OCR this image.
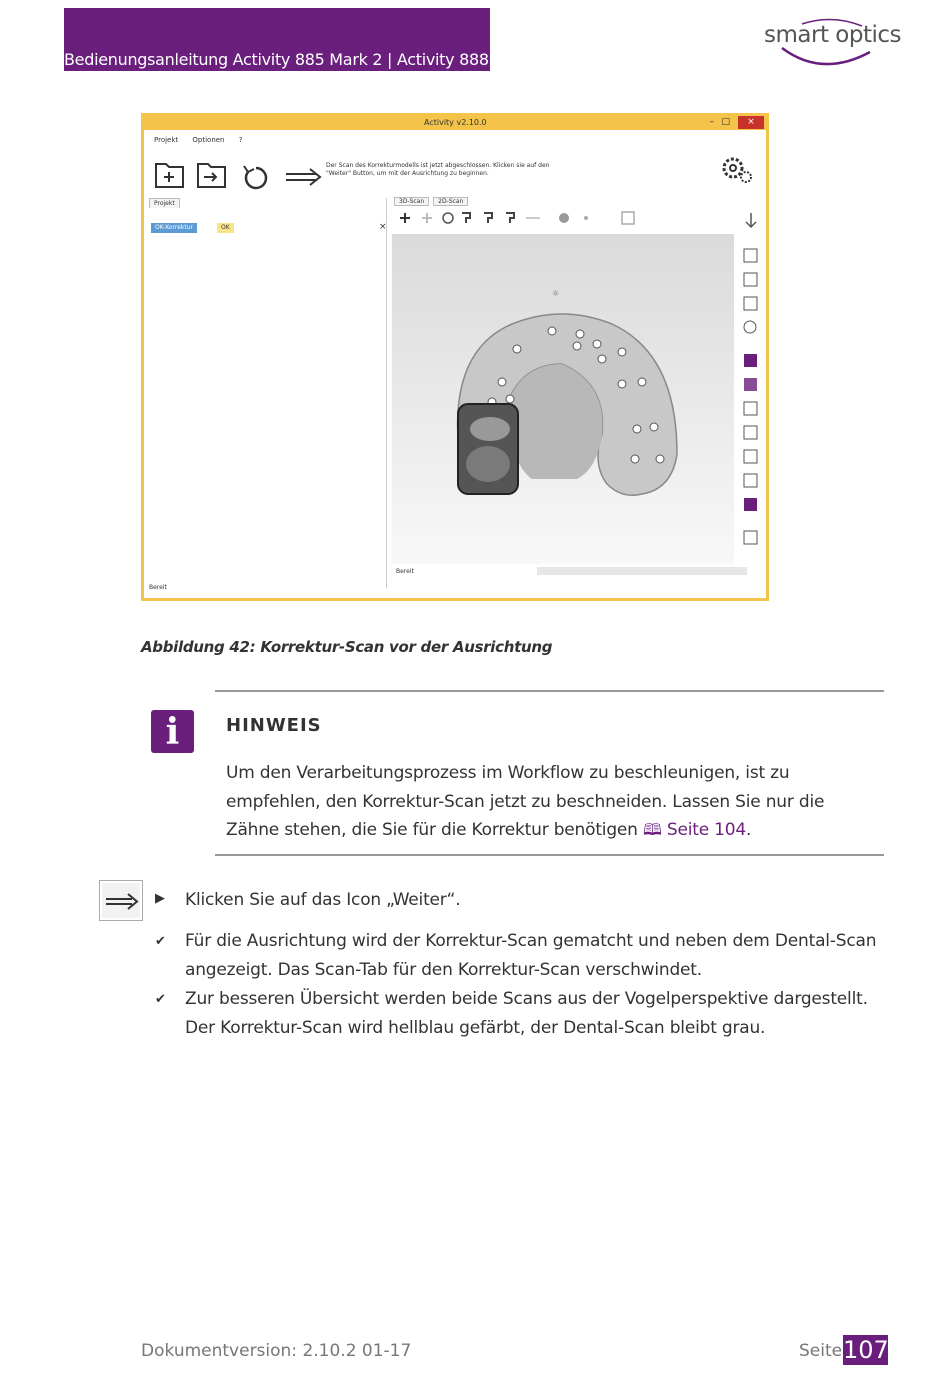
Bedienungsanleitung Activity 885 Mark 2 | Activity 888
smart optics
Activity v2.10.0	– □	×
Projekt Optionen ?
Der Scan des Korrekturmodells ist jetzt abgeschlossen. Klicken sie auf den "Weiter" Button, um mit der Ausrichtung zu beginnen.
Projekt
OK-Korrektur	OK	×
3D-Scan 2D-Scan
☼
Bereit
Bereit
Abbildung 42: Korrektur-Scan vor der Ausrichtung
i	HINWEIS
Um den Verarbeitungsprozess im Workflow zu beschleunigen, ist zu empfehlen, den Korrektur-Scan jetzt zu beschneiden. Lassen Sie nur die Zähne stehen, die Sie für die Korrektur benötigen 🕮 Seite 104.
▶ Klicken Sie auf das Icon „Weiter“.
✔ Für die Ausrichtung wird der Korrektur-Scan gematcht und neben dem Dental-Scan angezeigt. Das Scan-Tab für den Korrektur-Scan verschwindet.
✔ Zur besseren Übersicht werden beide Scans aus der Vogelperspektive dargestellt. Der Korrektur-Scan wird hellblau gefärbt, der Dental-Scan bleibt grau.
Dokumentversion: 2.10.2 01-17	Seite 107
